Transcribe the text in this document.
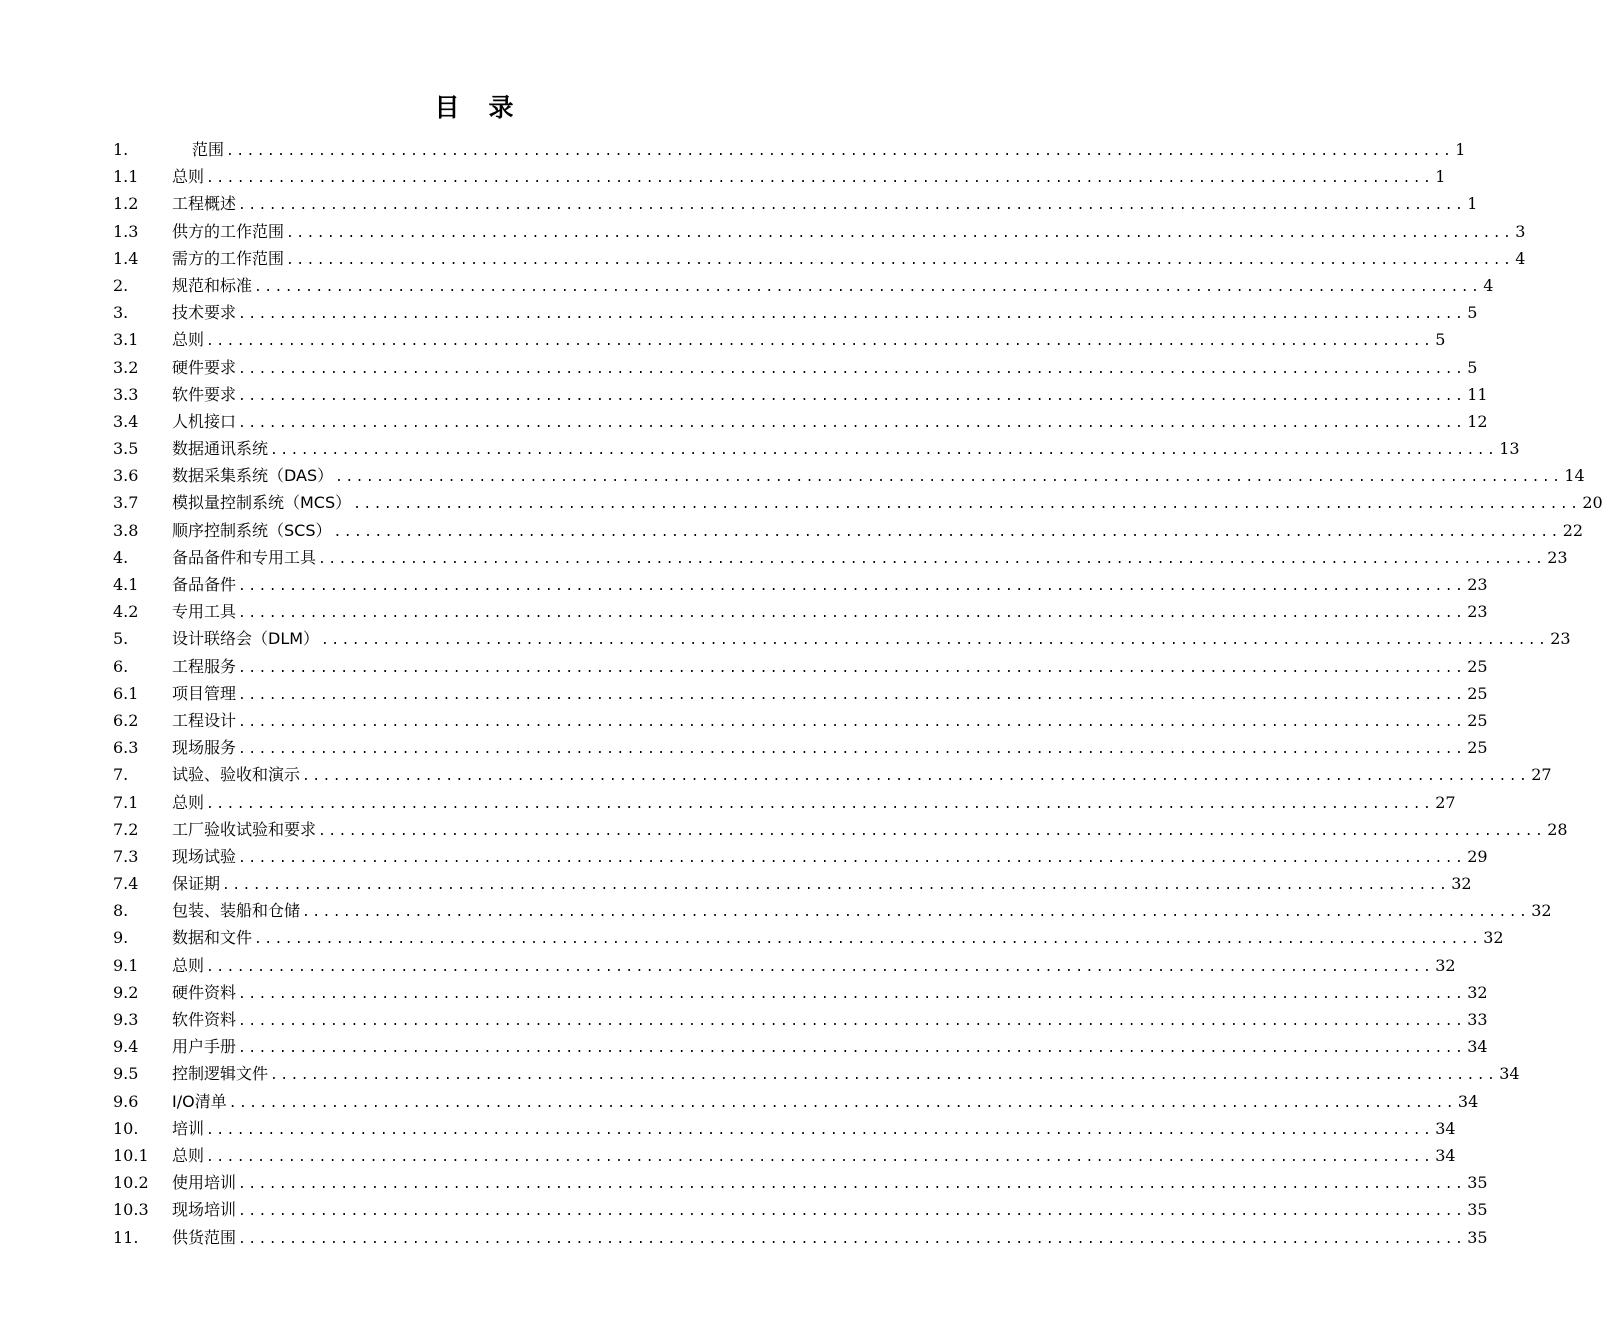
目　录
1.	范围 ........................................................................................................................ 1
1.1 总则 ........................................................................................................................ 1
1.2 工程概述 ........................................................................................................................ 1
1.3 供方的工作范围 ........................................................................................................................ 3
1.4 需方的工作范围 ........................................................................................................................ 4
2.	规范和标准 ........................................................................................................................ 4
3.	技术要求 ........................................................................................................................ 5
3.1 总则 ........................................................................................................................ 5
3.2 硬件要求 ........................................................................................................................ 5
3.3 软件要求 ........................................................................................................................ 11
3.4 人机接口 ........................................................................................................................ 12
3.5 数据通讯系统 ........................................................................................................................ 13
3.6 数据采集系统（DAS） ........................................................................................................................ 14
3.7 模拟量控制系统（MCS） ........................................................................................................................ 20
3.8 顺序控制系统（SCS） ........................................................................................................................ 22
4.	备品备件和专用工具 ........................................................................................................................ 23
4.1 备品备件 ........................................................................................................................ 23
4.2 专用工具 ........................................................................................................................ 23
5.	设计联络会（DLM） ........................................................................................................................ 23
6.	工程服务 ........................................................................................................................ 25
6.1 项目管理 ........................................................................................................................ 25
6.2 工程设计 ........................................................................................................................ 25
6.3 现场服务 ........................................................................................................................ 25
7.	试验、验收和演示 ........................................................................................................................ 27
7.1 总则 ........................................................................................................................ 27
7.2 工厂验收试验和要求 ........................................................................................................................ 28
7.3 现场试验 ........................................................................................................................ 29
7.4 保证期 ........................................................................................................................ 32
8.	包装、装船和仓储 ........................................................................................................................ 32
9.	数据和文件 ........................................................................................................................ 32
9.1 总则 ........................................................................................................................ 32
9.2 硬件资料 ........................................................................................................................ 32
9.3 软件资料 ........................................................................................................................ 33
9.4 用户手册 ........................................................................................................................ 34
9.5 控制逻辑文件 ........................................................................................................................ 34
9.6 I/O清单 ........................................................................................................................ 34
10. 培训 ........................................................................................................................ 34
10.1 总则 ........................................................................................................................ 34
10.2 使用培训 ........................................................................................................................ 35
10.3 现场培训 ........................................................................................................................ 35
11. 供货范围 ........................................................................................................................ 35
